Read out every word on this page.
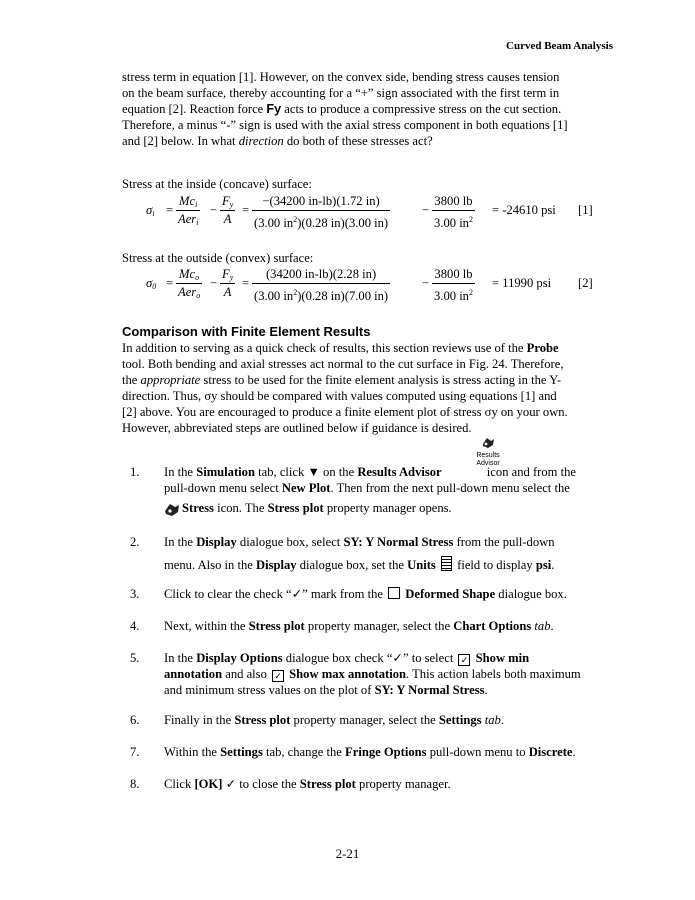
Curved Beam Analysis
stress term in equation [1]. However, on the convex side, bending stress causes tension
on the beam surface, thereby accounting for a “+” sign associated with the first term in
equation [2]. Reaction force Fy acts to produce a compressive stress on the cut section.
Therefore, a minus “-” sign is used with the axial stress component in both equations [1]
and [2] below. In what direction do both of these stresses act?
Stress at the inside (concave) surface:
$\sigma_i$ =
$Mc_i$
Aer$_i$
−
$F_y$
A
=
−(34200 in-lb)(1.72 in)
(3.00 $in^2)(0.28$ in)(3.00 in)
−
3800 lb
3.00 $in^2$
= -24610 psi [1]
Stress at the outside (convex) surface:
$\sigma_0$ =
$Mc_o$
Aer$_o$
−
$F_y$
A
=
(34200 in-lb)(2.28 in)
(3.00 $in^2)(0.28$ in)(7.00 in)
−
3800 lb
3.00 $in^2$
= 11990 psi [2]
Comparison with Finite Element Results
In addition to serving as a quick check of results, this section reviews use of the Probe
tool. Both bending and axial stresses act normal to the cut surface in Fig. 24. Therefore,
the appropriate stress to be used for the finite element analysis is stress acting in the Y-
direction. Thus, σy should be compared with values computed using equations [1] and
[2] above. You are encouraged to produce a finite element plot of stress σy on your own.
However, abbreviated steps are outlined below if guidance is desired.
Results
Advisor
1.	In the Simulation tab, click ▼ on the Results Advisor	icon and from the
pull-down menu select New Plot. Then from the next pull-down menu select the
Stress icon. The Stress plot property manager opens.
2.	In the Display dialogue box, select SY: Y Normal Stress from the pull-down
menu. Also in the Display dialogue box, set the Units  field to display psi.
3.	Click to clear the check “✓” mark from the  Deformed Shape dialogue box.
4.	Next, within the Stress plot property manager, select the Chart Options tab.
5.	In the Display Options dialogue box check “✓” to select ✓ Show min
annotation and also ✓ Show max annotation. This action labels both maximum
and minimum stress values on the plot of SY: Y Normal Stress.
6.	Finally in the Stress plot property manager, select the Settings tab.
7.	Within the Settings tab, change the Fringe Options pull-down menu to Discrete.
8.	Click [OK] ✓ to close the Stress plot property manager.
2-21
